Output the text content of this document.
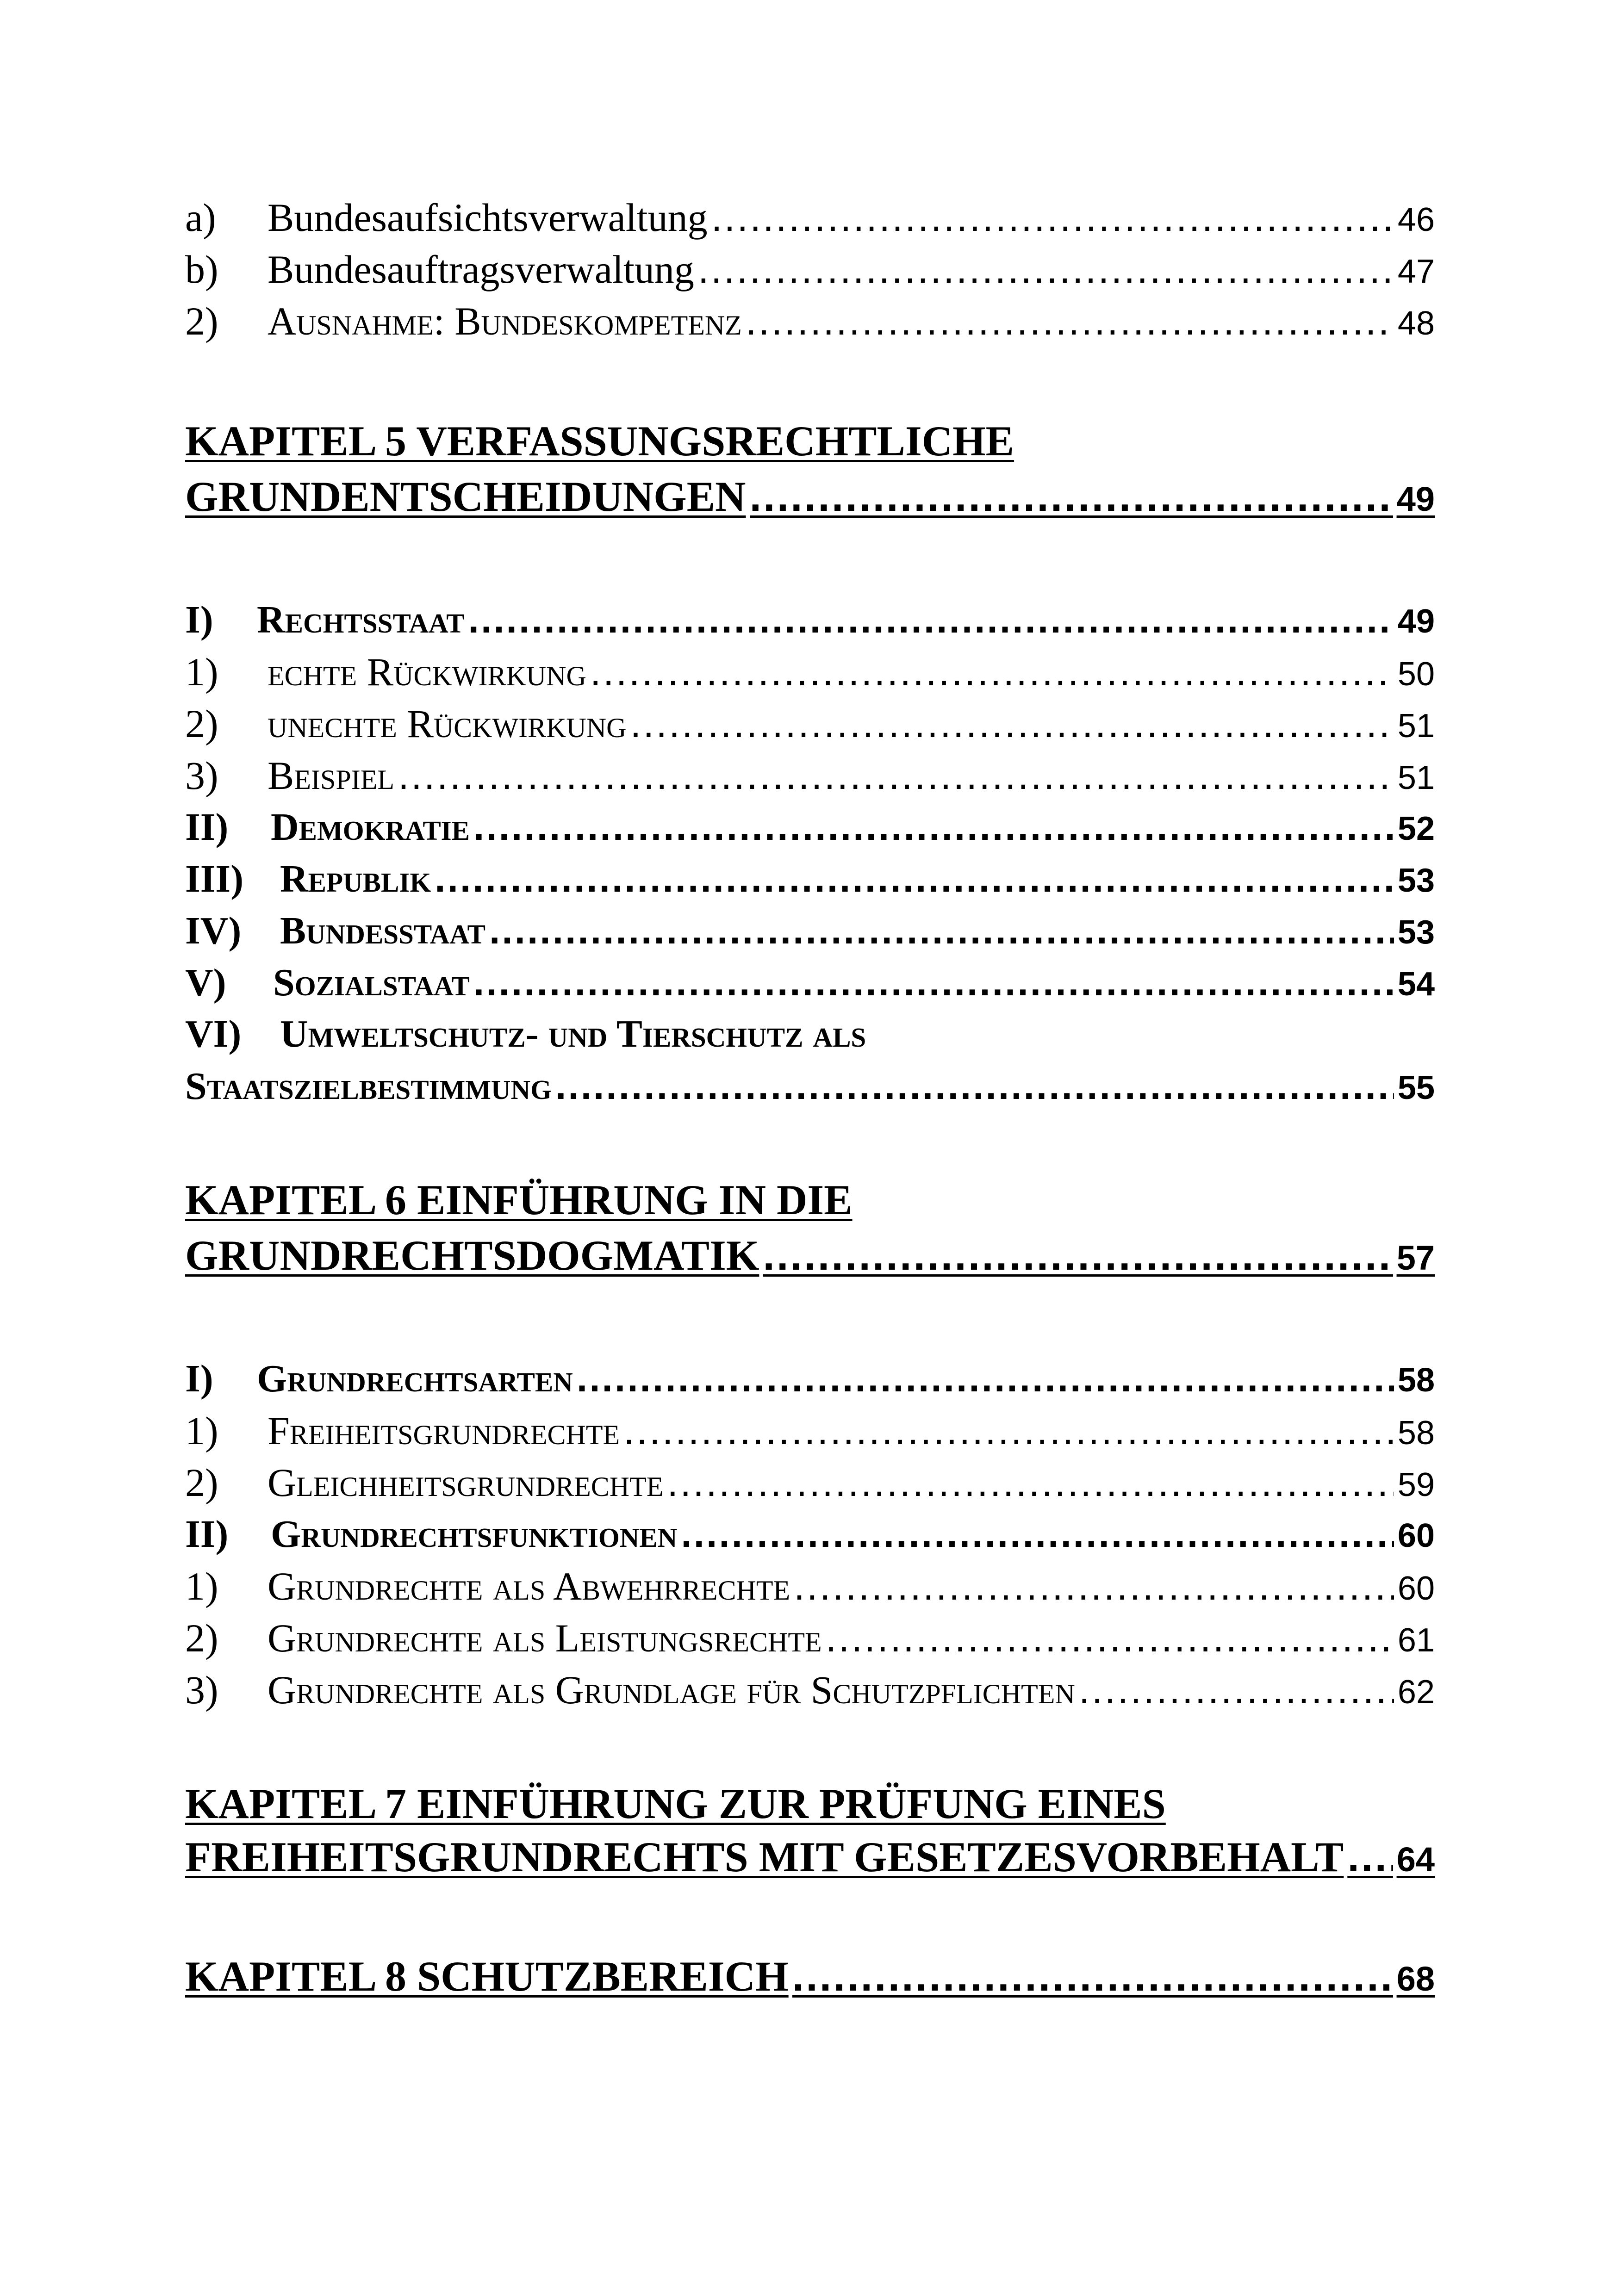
a)	Bundesaufsichtsverwaltung .....	46
b)	Bundesauftragsverwaltung .....	47
2)	Ausnahme: Bundeskompetenz .....	48
KAPITEL 5 VERFASSUNGSRECHTLICHE
GRUNDENTSCHEIDUNGEN .....	49
I)	Rechtsstaat .....	49
1)	echte Rückwirkung .....	50
2)	unechte Rückwirkung .....	51
3)	Beispiel .....	51
II)	Demokratie .....	52
III) Republik .....	53
IV) Bundesstaat .....	53
V)	Sozialstaat .....	54
VI) Umweltschutz- und Tierschutz als
Staatszielbestimmung .....	55
KAPITEL 6 EINFÜHRUNG IN DIE
GRUNDRECHTSDOGMATIK .....	57
I)	Grundrechtsarten .....	58
1)	Freiheitsgrundrechte .....	58
2)	Gleichheitsgrundrechte .....	59
II)	Grundrechtsfunktionen .....	60
1)	Grundrechte als Abwehrrechte .....	60
2)	Grundrechte als Leistungsrechte .....	61
3)	Grundrechte als Grundlage für Schutzpflichten .....	62
KAPITEL 7 EINFÜHRUNG ZUR PRÜFUNG EINES
FREIHEITSGRUNDRECHTS MIT GESETZESVORBEHALT ..... 64
KAPITEL 8 SCHUTZBEREICH .....	68
